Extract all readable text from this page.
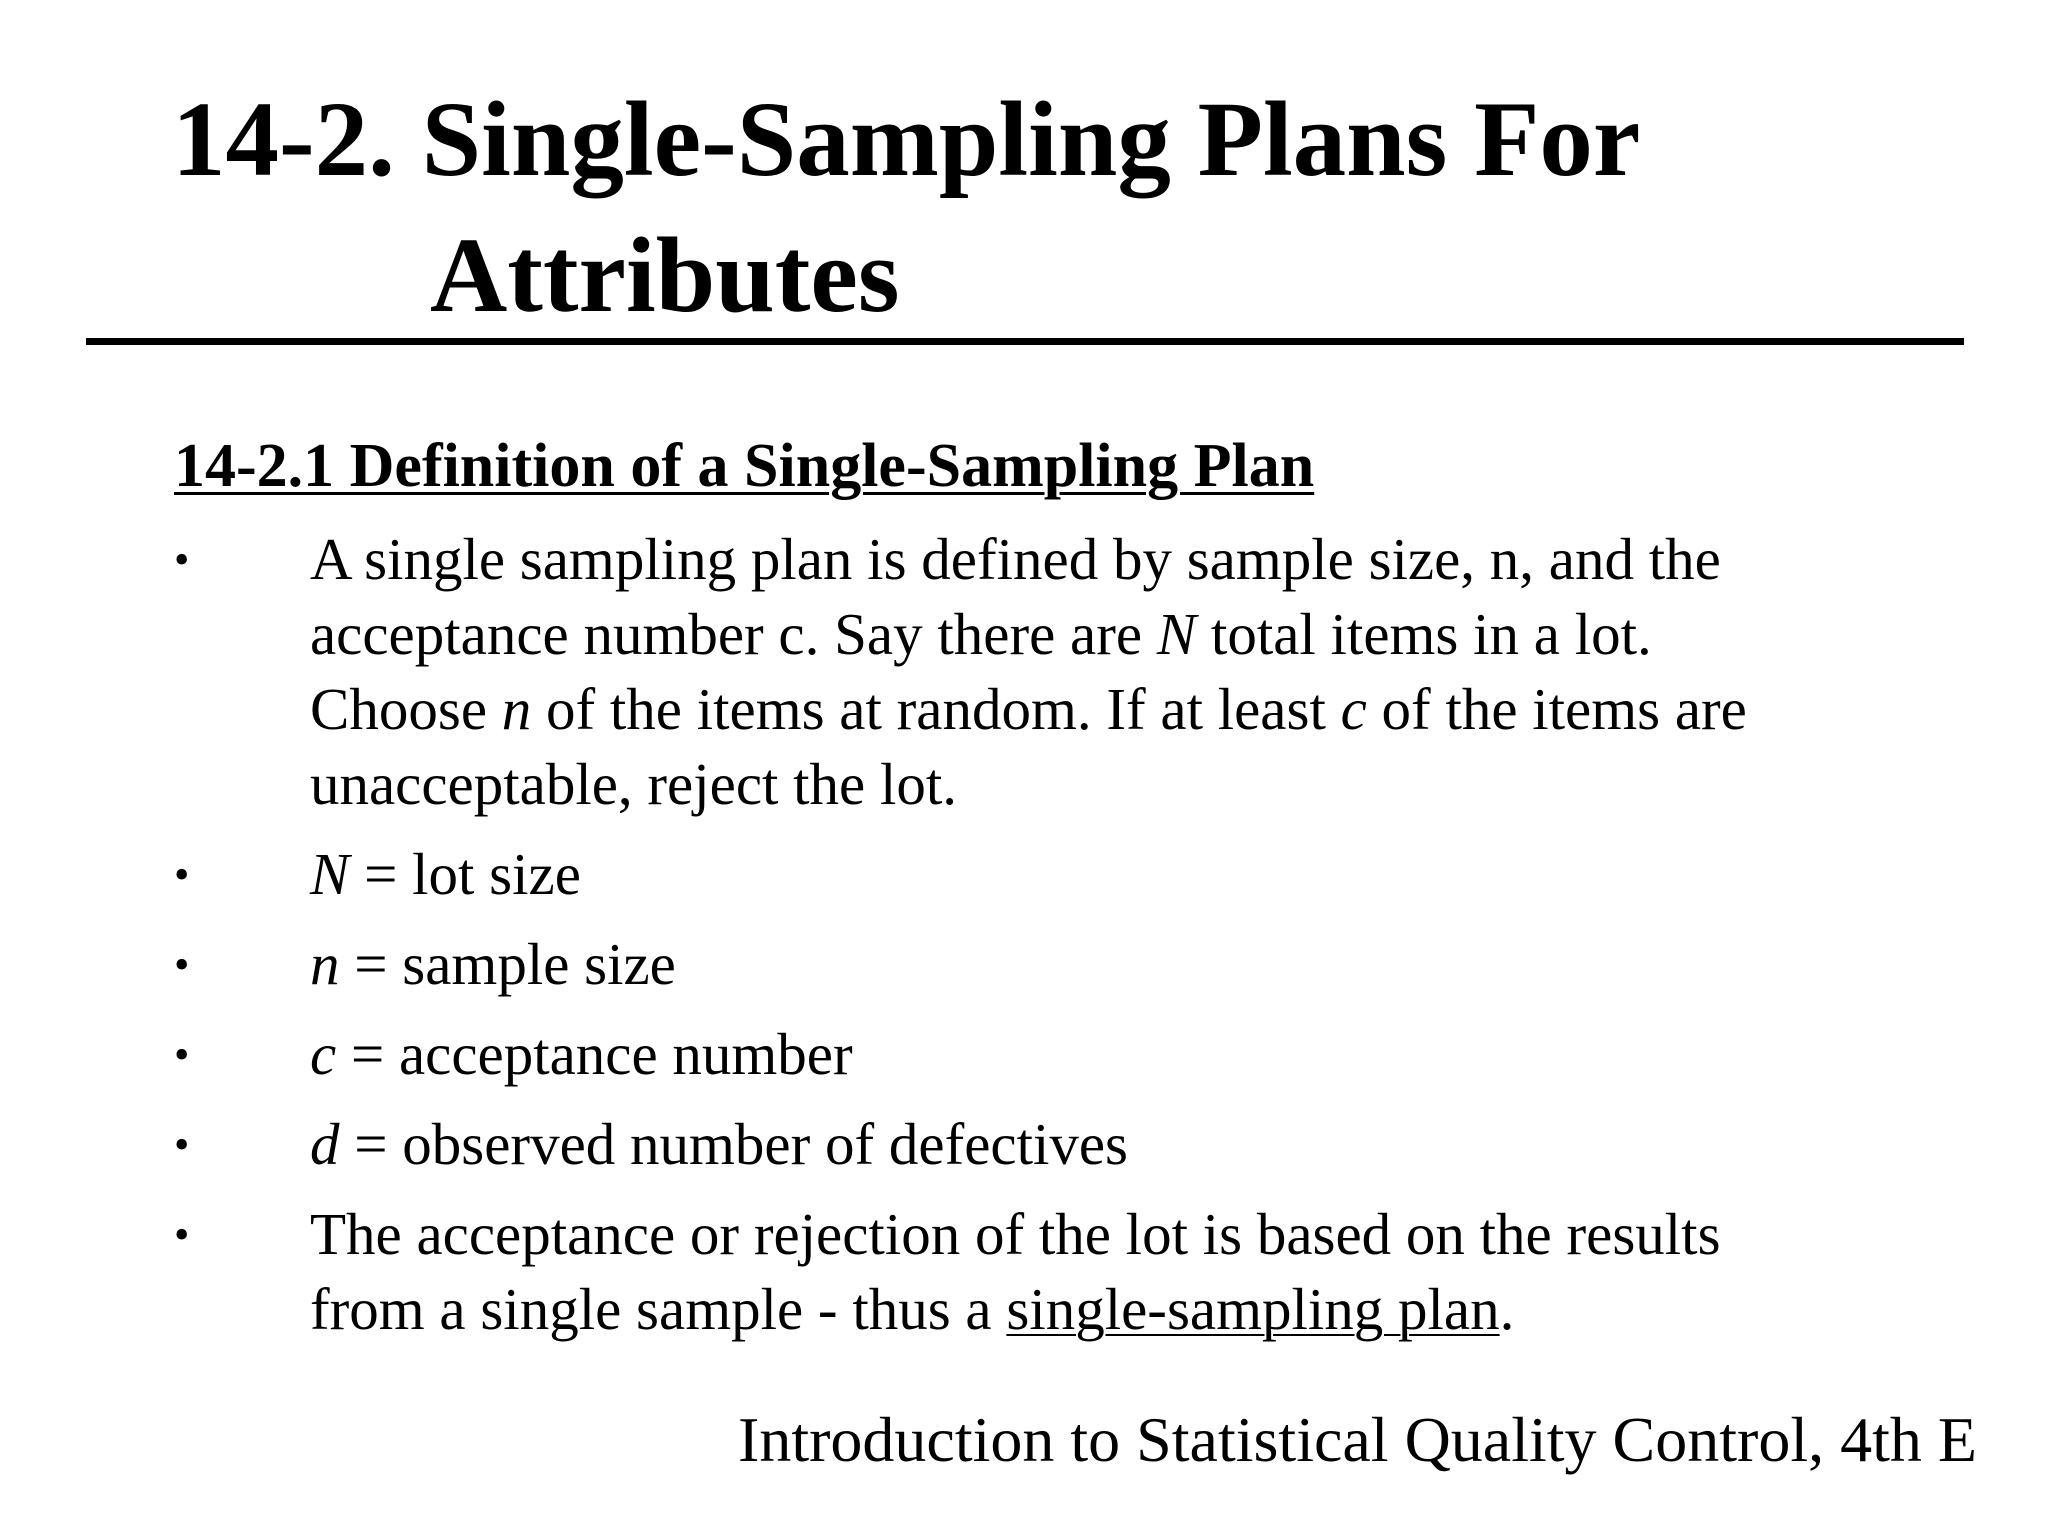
14-2. Single-Sampling Plans For
Attributes
14-2.1 Definition of a Single-Sampling Plan
• A single sampling plan is defined by sample size, n, and the
acceptance number c. Say there are N total items in a lot.
Choose n of the items at random. If at least c of the items are
unacceptable, reject the lot.
• N = lot size
• n = sample size
• c = acceptance number
• d = observed number of defectives
• The acceptance or rejection of the lot is based on the results
from a single sample - thus a single-sampling plan.
Introduction to Statistical Quality Control, 4th E
